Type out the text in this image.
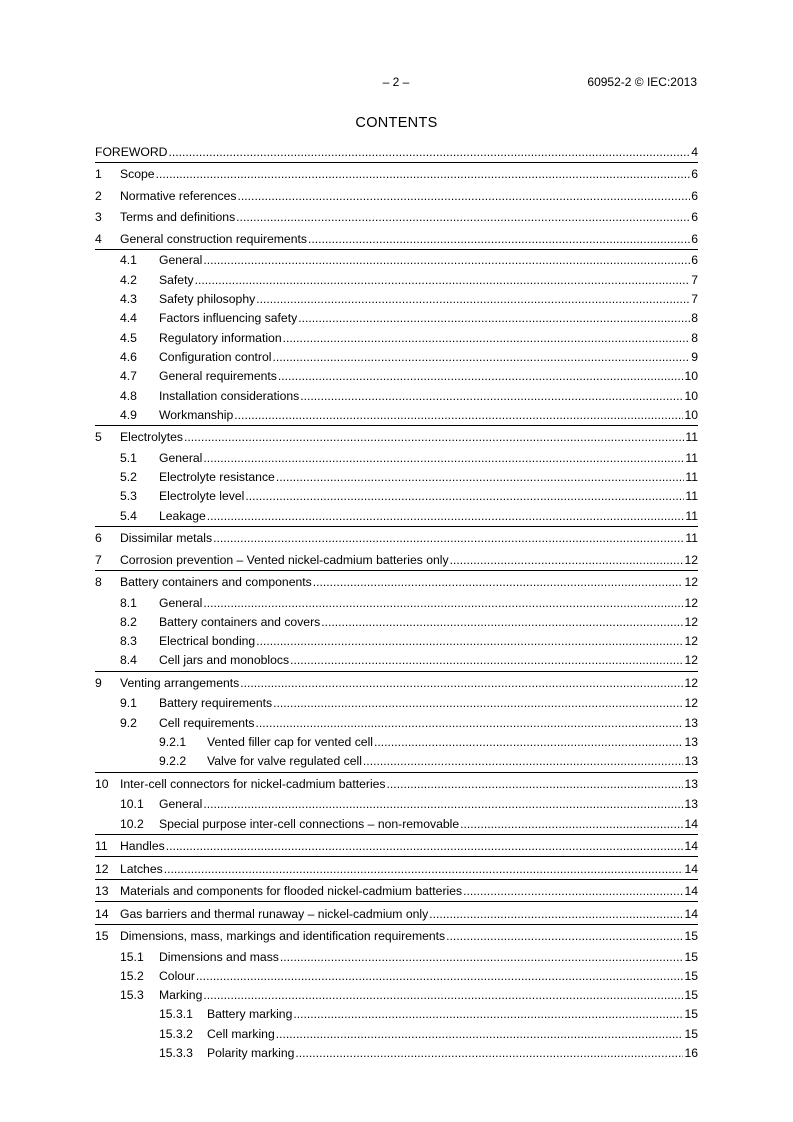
– 2 –	60952-2 © IEC:2013
CONTENTS
FOREWORD .....	4
1 Scope .....	6
2 Normative references .....	6
3 Terms and definitions .....	6
4 General construction requirements .....	6
4.1 General .....	6
4.2 Safety .....	7
4.3 Safety philosophy .....	7
4.4 Factors influencing safety .....	8
4.5 Regulatory information .....	8
4.6 Configuration control .....	9
4.7 General requirements .....	10
4.8 Installation considerations .....	10
4.9 Workmanship .....	10
5 Electrolytes .....	11
5.1 General .....	11
5.2 Electrolyte resistance .....	11
5.3 Electrolyte level .....	11
5.4 Leakage .....	11
6 Dissimilar metals .....	11
7 Corrosion prevention – Vented nickel-cadmium batteries only .....	12
8 Battery containers and components .....	12
8.1 General .....	12
8.2 Battery containers and covers .....	12
8.3 Electrical bonding .....	12
8.4 Cell jars and monoblocs .....	12
9 Venting arrangements .....	12
9.1 Battery requirements .....	12
9.2 Cell requirements .....	13
9.2.1 Vented filler cap for vented cell .....	13
9.2.2 Valve for valve regulated cell .....	13
10 Inter-cell connectors for nickel-cadmium batteries .....	13
10.1 General .....	13
10.2 Special purpose inter-cell connections – non-removable .....	14
11 Handles .....	14
12 Latches .....	14
13 Materials and components for flooded nickel-cadmium batteries .....	14
14 Gas barriers and thermal runaway – nickel-cadmium only .....	14
15 Dimensions, mass, markings and identification requirements .....	15
15.1 Dimensions and mass .....	15
15.2 Colour .....	15
15.3 Marking .....	15
15.3.1 Battery marking .....	15
15.3.2 Cell marking .....	15
15.3.3 Polarity marking .....	16
